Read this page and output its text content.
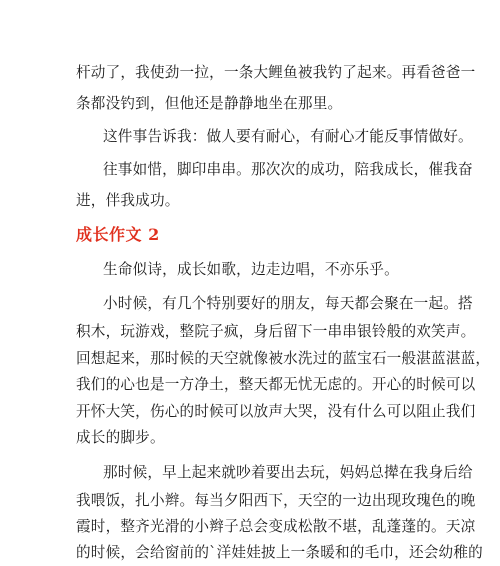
杆动了，我使劲一拉，一条大鲤鱼被我钓了起来。再看爸爸一
条都没钓到，但他还是静静地坐在那里。
这件事告诉我：做人要有耐心，有耐心才能反事情做好。
往事如惜，脚印串串。那次次的成功，陪我成长，催我奋
进，伴我成功。
成长作文 2
生命似诗，成长如歌，边走边唱，不亦乐乎。
小时候，有几个特别要好的朋友，每天都会聚在一起。搭
积木，玩游戏，整院子疯，身后留下一串串银铃般的欢笑声。
回想起来，那时候的天空就像被水洗过的蓝宝石一般湛蓝湛蓝，
我们的心也是一方净土，整天都无忧无虑的。开心的时候可以
开怀大笑，伤心的时候可以放声大哭，没有什么可以阻止我们
成长的脚步。
那时候，早上起来就吵着要出去玩，妈妈总撵在我身后给
我喂饭，扎小辫。每当夕阳西下，天空的一边出现玫瑰色的晚
霞时，整齐光滑的小辫子总会变成松散不堪，乱蓬蓬的。天凉
的时候，会给窗前的`洋娃娃披上一条暖和的毛巾，还会幼稚的
